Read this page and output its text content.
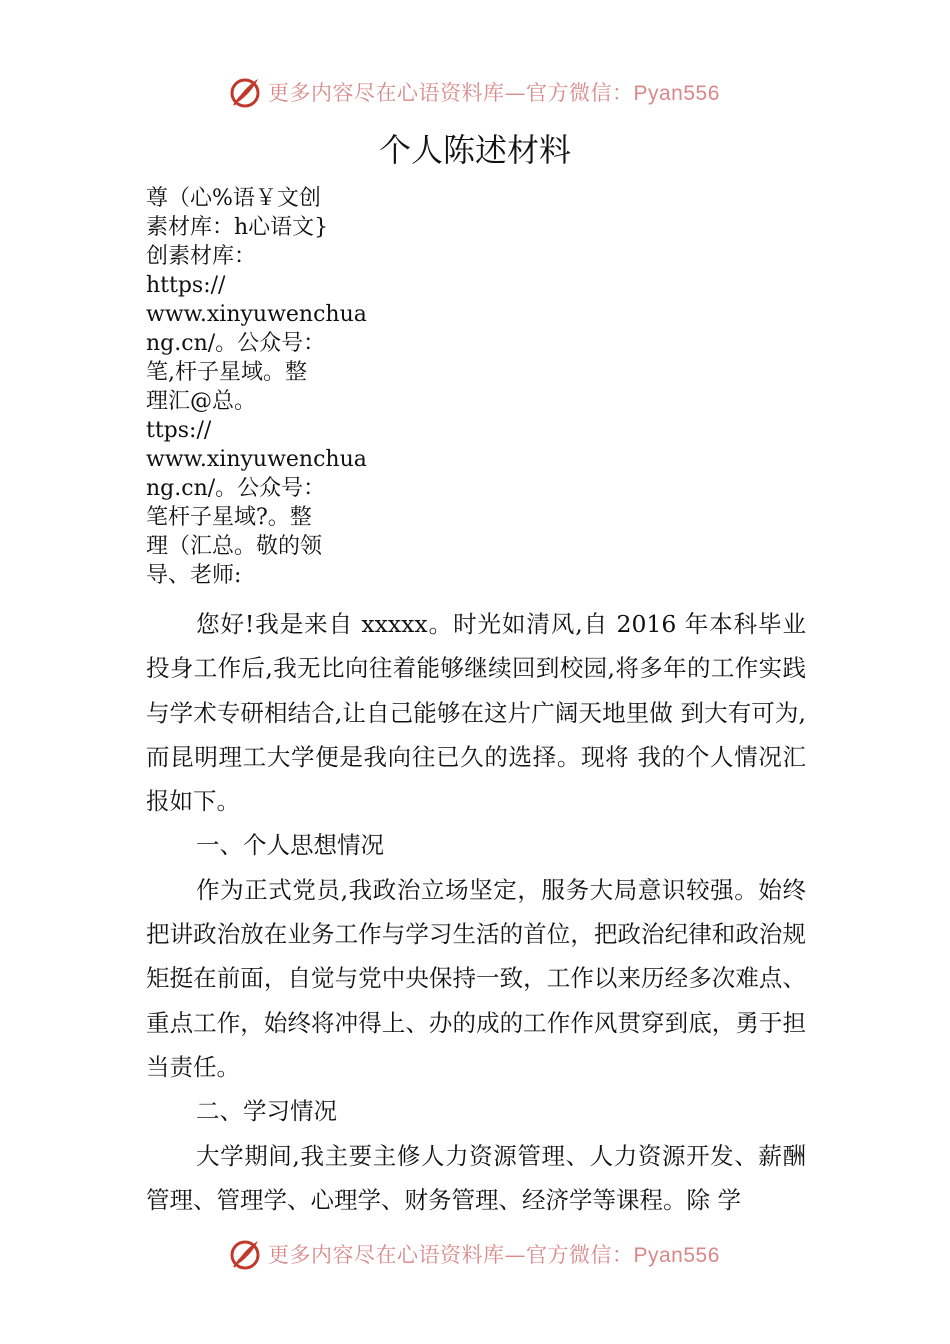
更多内容尽在心语资料库—官方微信：Pyan556
个人陈述材料
尊（心%语￥文创
素材库：h心语文}
创素材库：
https://
www.xinyuwenchua
ng.cn/。公众号：
笔,杆子星域。整
理汇@总。
ttps://
www.xinyuwenchua
ng.cn/。公众号：
笔杆子星域?。整
理（汇总。敬的领
导、老师:

您好!我是来自 xxxxx。时光如清风,自 2016 年本科毕业投身工作后,我无比向往着能够继续回到校园,将多年的工作实践与学术专研相结合,让自己能够在这片广阔天地里做 到大有可为,而昆明理工大学便是我向往已久的选择。现将 我的个人情况汇报如下。

一、个人思想情况

作为正式党员,我政治立场坚定，服务大局意识较强。始终把讲政治放在业务工作与学习生活的首位，把政治纪律和政治规矩挺在前面，自觉与党中央保持一致，工作以来历经多次难点、重点工作，始终将冲得上、办的成的工作作风贯穿到底，勇于担当责任。

二、学习情况

大学期间,我主要主修人力资源管理、人力资源开发、薪酬管理、管理学、心理学、财务管理、经济学等课程。除 学

更多内容尽在心语资料库—官方微信：Pyan556
